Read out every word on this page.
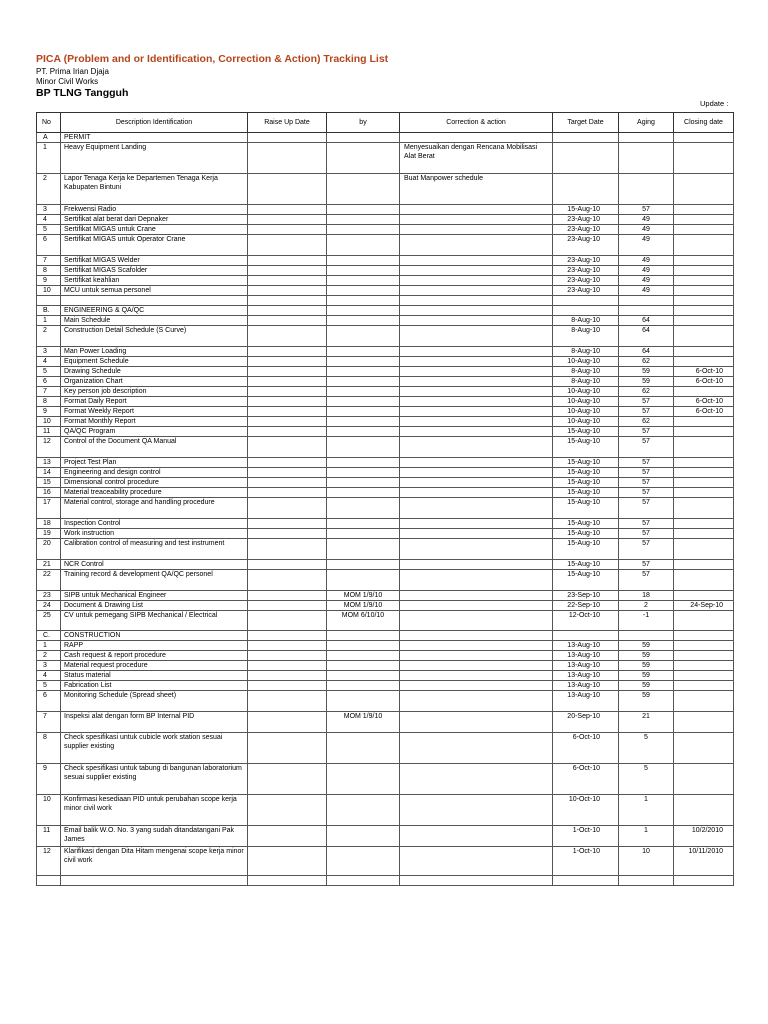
PICA (Problem and or Identification, Correction & Action) Tracking List

PT. Prima Irian Djaja

Minor Civil Works

BP TLNG Tangguh
Update :
No	Description Identification	Raise Up Date	by	Correction & action	Target Date	Aging	Closing date
A	PERMIT						
1	Heavy Equipment Landing			Menyesuaikan dengan Rencana Mobilisasi Alat Berat			
2	Lapor Tenaga Kerja ke Departemen Tenaga Kerja Kabupaten Bintuni			Buat Manpower schedule			
3	Frekwensi Radio				15-Aug-10	57	
4	Sertifikat alat berat dari Depnaker				23-Aug-10	49	
5	Sertifikat MIGAS untuk Crane				23-Aug-10	49	
6	Sertifikat MIGAS untuk Operator Crane				23-Aug-10	49	
7	Sertifikat MIGAS Welder				23-Aug-10	49	
8	Sertifikat MIGAS Scafolder				23-Aug-10	49	
9	Sertifikat keahlian				23-Aug-10	49	
10	MCU untuk semua personel				23-Aug-10	49	

B.	ENGINEERING & QA/QC						
1	Main Schedule				8-Aug-10	64	
2	Construction Detail Schedule (S Curve)				8-Aug-10	64	
3	Man Power Loading				8-Aug-10	64	
4	Equipment Schedule				10-Aug-10	62	
5	Drawing Schedule				8-Aug-10	59	6-Oct-10
6	Organization Chart				8-Aug-10	59	6-Oct-10
7	Key person job description				10-Aug-10	62	
8	Format Daily Report				10-Aug-10	57	6-Oct-10
9	Format Weekly Report				10-Aug-10	57	6-Oct-10
10	Format Monthly Report				10-Aug-10	62	
11	QA/QC Program				15-Aug-10	57	
12	Control of the Document QA Manual				15-Aug-10	57	
13	Project Test Plan				15-Aug-10	57	
14	Engineering and design control				15-Aug-10	57	
15	Dimensional control procedure				15-Aug-10	57	
16	Material treaceability procedure				15-Aug-10	57	
17	Material control, storage and handling procedure				15-Aug-10	57	
18	Inspection Control				15-Aug-10	57	
19	Work instruction				15-Aug-10	57	
20	Calibration control of measuring and test instrument				15-Aug-10	57	
21	NCR Control				15-Aug-10	57	
22	Training record & development QA/QC personel				15-Aug-10	57	
23	SIPB untuk Mechanical Engineer		MOM 1/9/10		23-Sep-10	18	
24	Document & Drawing List		MOM 1/9/10		22-Sep-10	2	24-Sep-10
25	CV untuk pemegang SIPB Mechanical / Electrical		MOM 6/10/10		12-Oct-10	-1	
C.	CONSTRUCTION						
1	RAPP				13-Aug-10	59	
2	Cash request & report procedure				13-Aug-10	59	
3	Material request procedure				13-Aug-10	59	
4	Status material				13-Aug-10	59	
5	Fabrication List				13-Aug-10	59	
6	Monitoring Schedule (Spread sheet)				13-Aug-10	59	
7	Inspeksi alat dengan form BP Internal PID		MOM 1/9/10		20-Sep-10	21	
8	Check spesifikasi untuk cubicle work station sesuai supplier existing				6-Oct-10	5	
9	Check spesifikasi untuk tabung di bangunan laboratorium sesuai supplier existing				6-Oct-10	5	
10	Konfirmasi kesediaan PID untuk perubahan scope kerja minor civil work				10-Oct-10	1	
11	Email balik W.O. No. 3 yang sudah ditandatangani Pak James				1-Oct-10	1	10/2/2010
12	Klarifikasi dengan Dita Hitam mengenai scope kerja minor civil work				1-Oct-10	10	10/11/2010
